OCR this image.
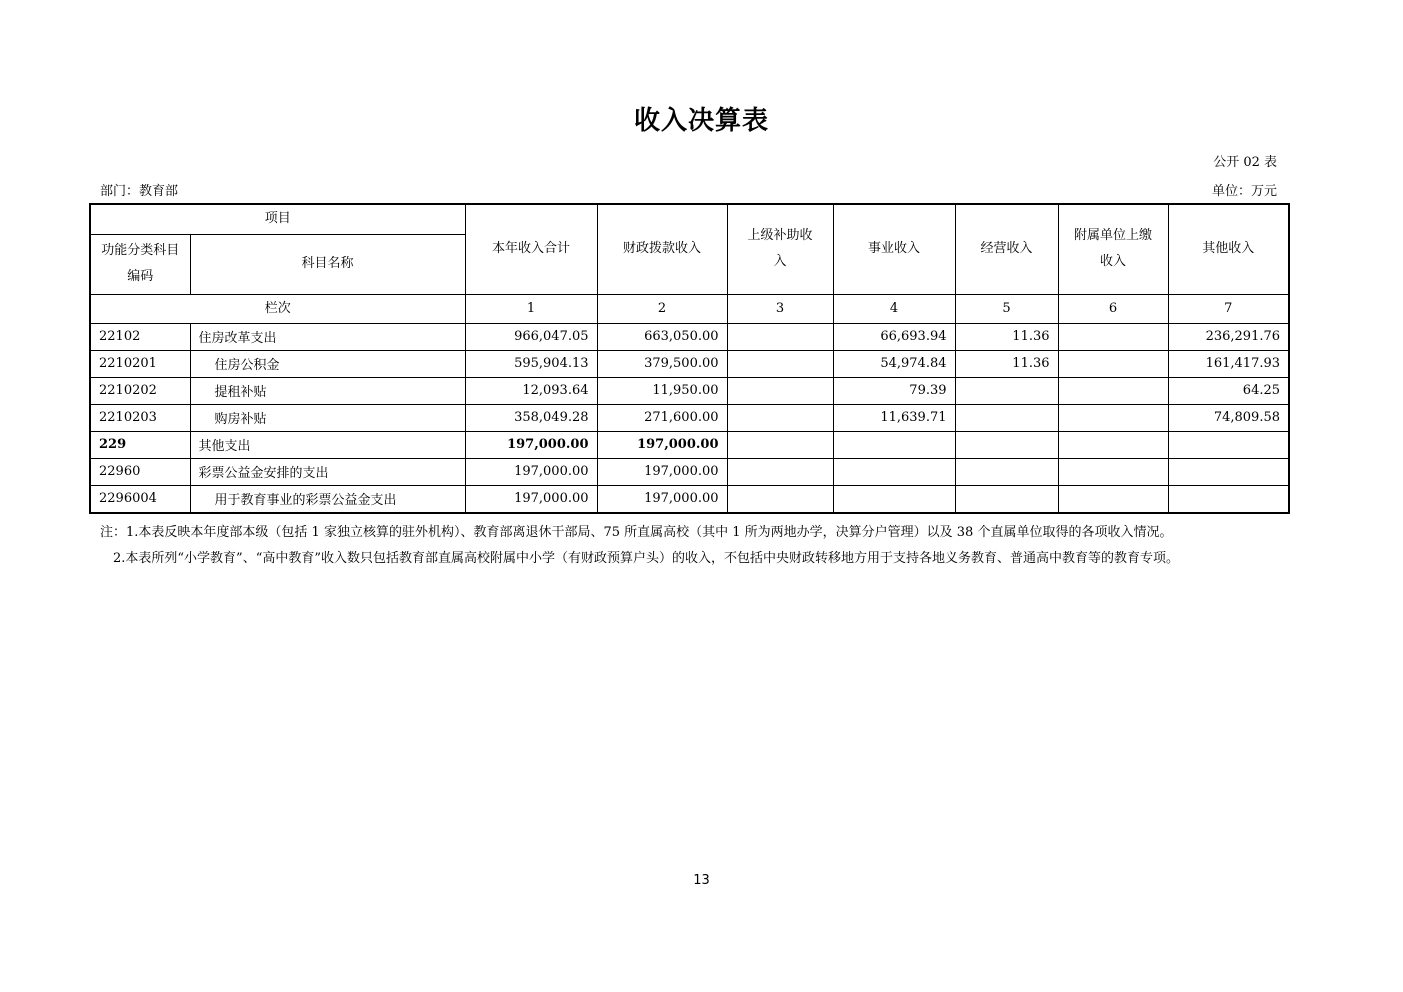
收入决算表
公开 02 表
部门：教育部	单位：万元
项目		本年收入合计	财政拨款收入	上级补助收入	事业收入	经营收入	附属单位上缴收入	其他收入
功能分类科目编码	科目名称							
栏次		1	2	3	4	5	6	7
22102	住房改革支出	966,047.05	663,050.00		66,693.94	11.36		236,291.76
2210201	住房公积金	595,904.13	379,500.00		54,974.84	11.36		161,417.93
2210202	提租补贴	12,093.64	11,950.00		79.39			64.25
2210203	购房补贴	358,049.28	271,600.00		11,639.71			74,809.58
229	其他支出	197,000.00	197,000.00					
22960	彩票公益金安排的支出	197,000.00	197,000.00					
2296004	用于教育事业的彩票公益金支出	197,000.00	197,000.00					

注：1.本表反映本年度部本级（包括 1 家独立核算的驻外机构）、教育部离退休干部局、75 所直属高校（其中 1 所为两地办学，决算分户管理）以及 38 个直属单位取得的各项收入情况。

2.本表所列“小学教育”、“高中教育”收入数只包括教育部直属高校附属中小学（有财政预算户头）的收入，不包括中央财政转移地方用于支持各地义务教育、普通高中教育等的教育专项。

13
